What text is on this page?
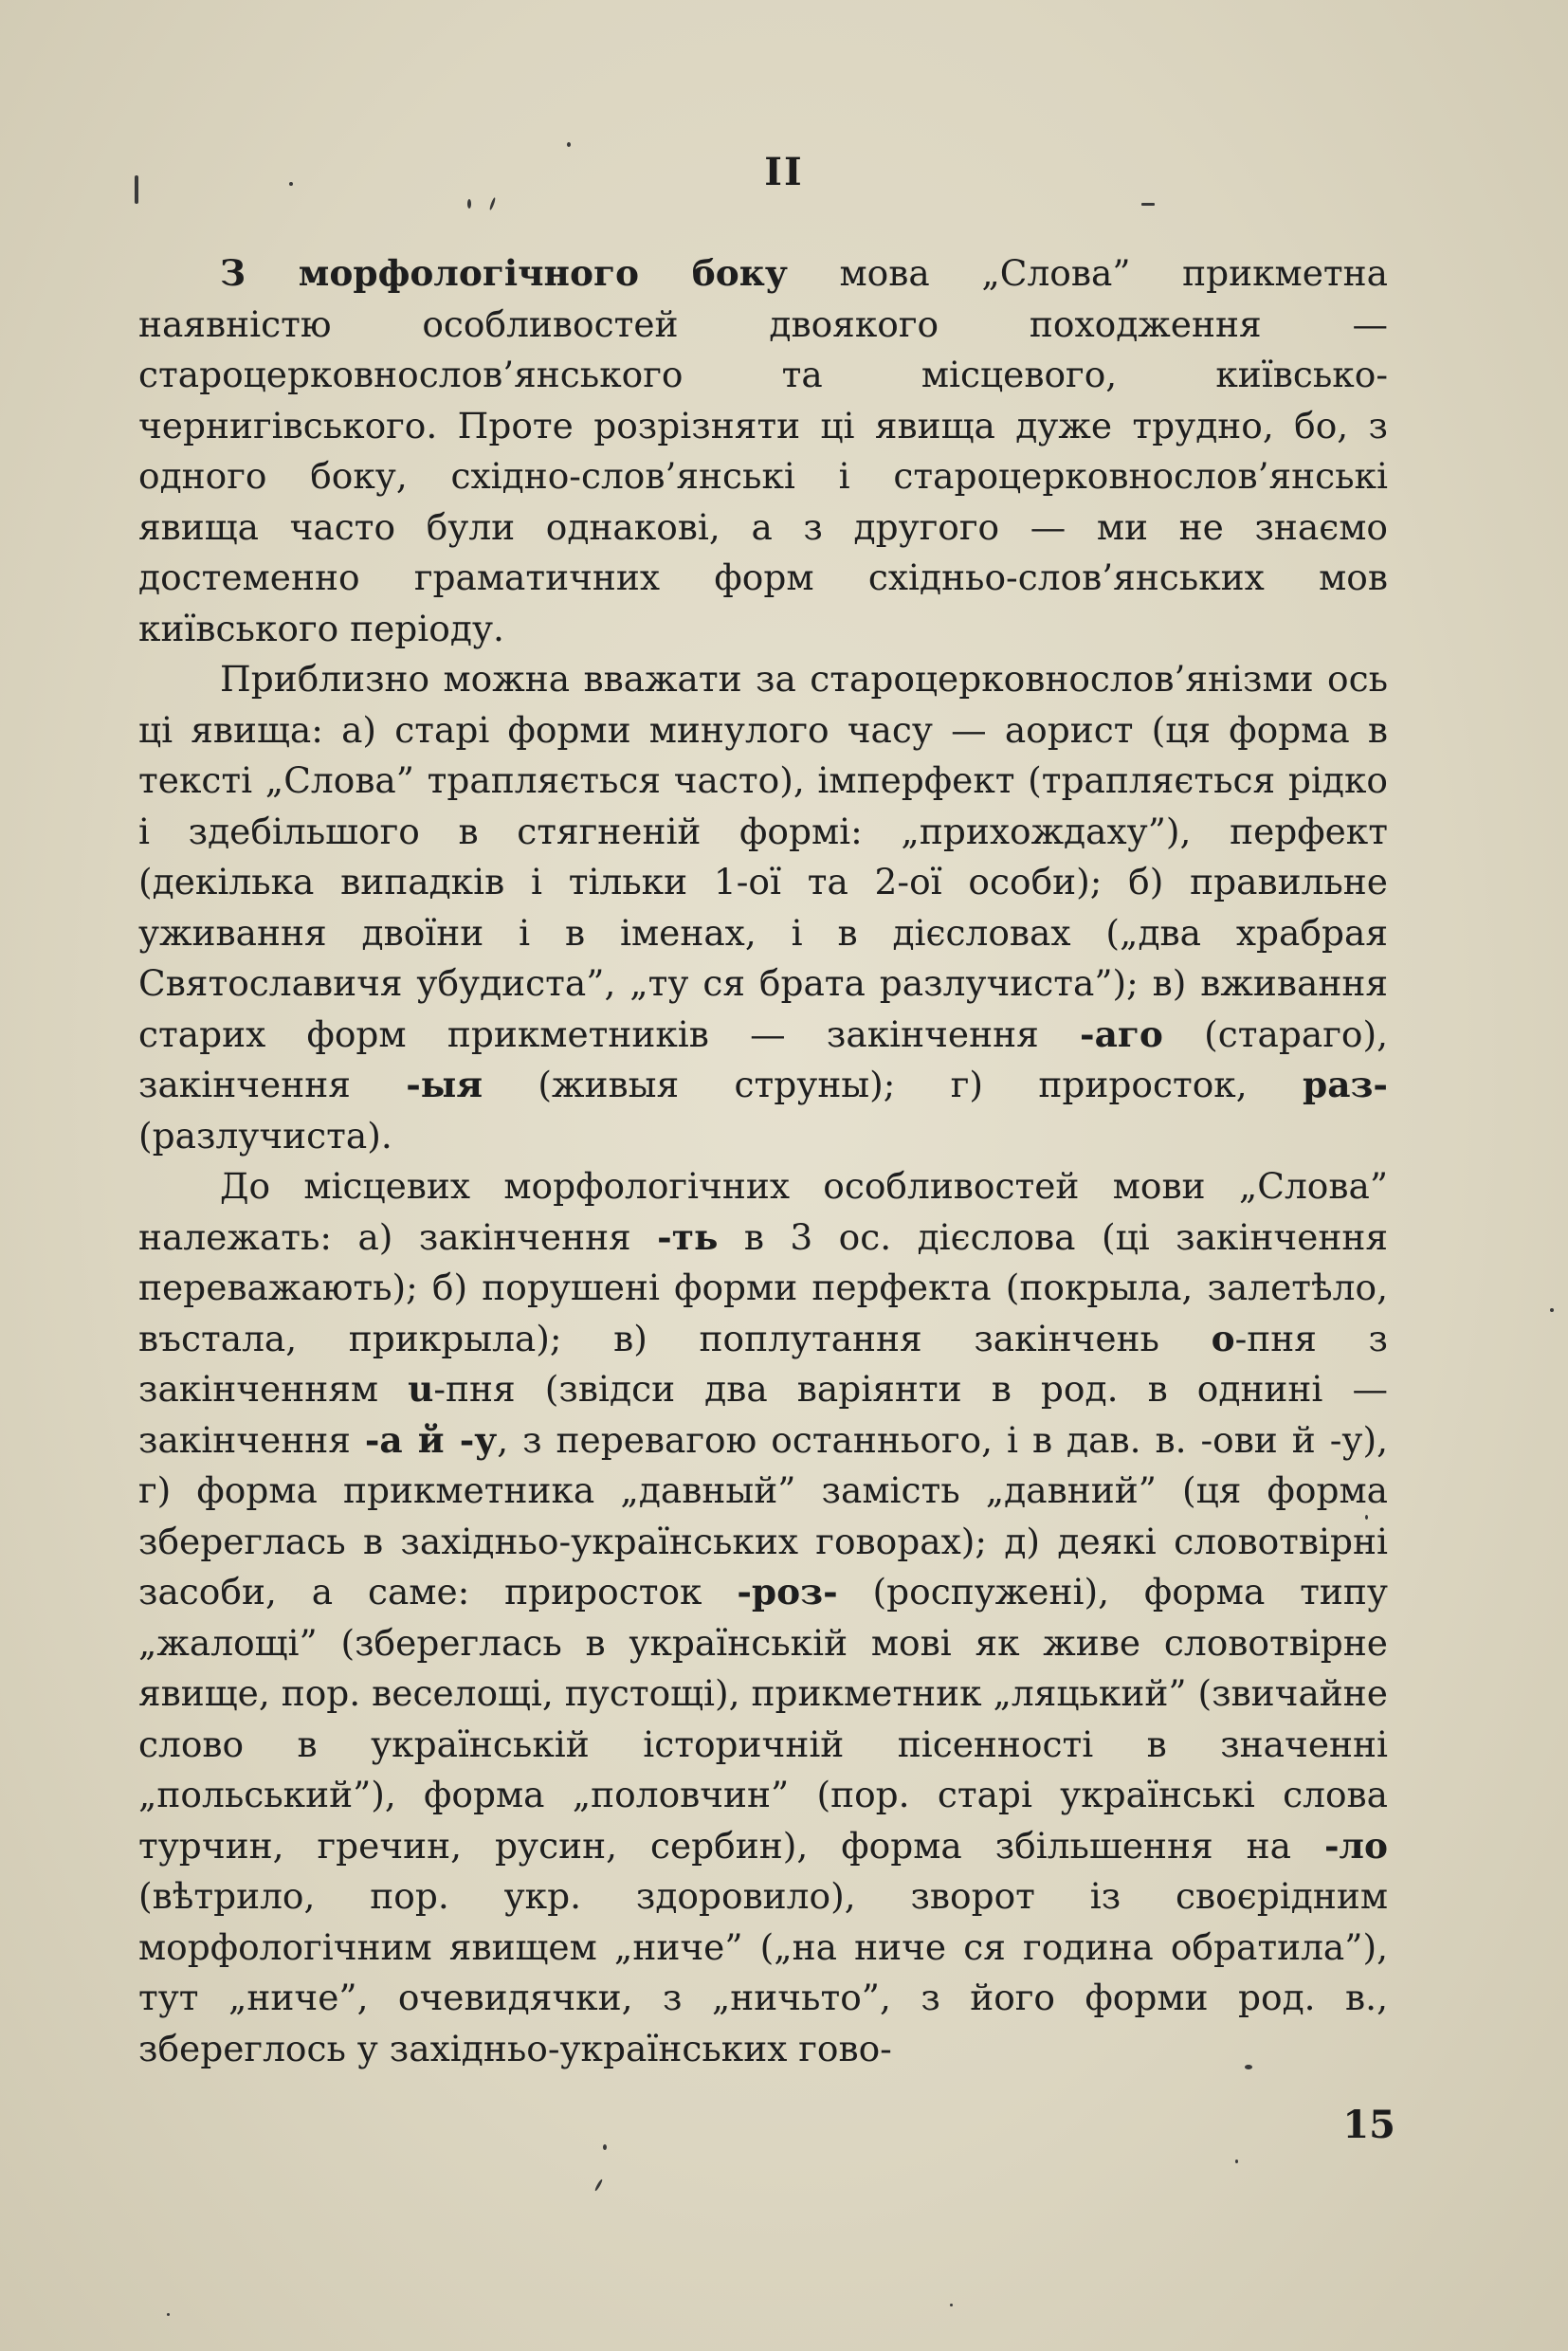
II

З морфологічного боку мова „Слова” прикметна наявністю особливостей двоякого походження — староцерковнослов’янського та місцевого, київсько-чернигівського. Проте розрізняти ці явища дуже трудно, бо, з одного боку, східно-слов’янські і староцерковнослов’янські явища часто були однакові, а з другого — ми не знаємо достеменно граматичних форм східньо-слов’янських мов київського періоду.

Приблизно можна вважати за староцерковнослов’янізми ось ці явища: а) старі форми минулого часу — аорист (ця форма в тексті „Слова” трапляється часто), імперфект (трапляється рідко і здебільшого в стягненій формі: „прихождаху”), перфект (декілька випадків і тільки 1-ої та 2-ої особи); б) правильне уживання двоїни і в іменах, і в дієсловах („два храбрая Святославичя убудиста”, „ту ся брата разлучиста”); в) вживання старих форм прикметників — закінчення -аго (стараго), закінчення -ыя (живыя струны); г) приросток, раз- (разлучиста).

До місцевих морфологічних особливостей мови „Слова” належать: а) закінчення -ть в 3 ос. дієслова (ці закінчення переважають); б) порушені форми перфекта (покрыла, залетѣло, въстала, прикрыла); в) поплутання закінчень о-пня з закінченням u-пня (звідси два варіянти в род. в однині — закінчення -а й -у, з перевагою останнього, і в дав. в. -ови й -у), г) форма прикметника „давный” замість „давний” (ця форма збереглась в західньо-українських говорах); д) деякі словотвірні засоби, а саме: приросток -роз- (роспужені), форма типу „жалощі” (збереглась в українській мові як живе словотвірне явище, пор. веселощі, пустощі), прикметник „ляцький” (звичайне слово в українській історичній пісенності в значенні „польський”), форма „половчин” (пор. старі українські слова турчин, гречин, русин, сербин), форма збільшення на -ло (вѣтрило, пор. укр. здоровило), зворот із своєрідним морфологічним явищем „ниче” („на ниче ся година обратила”), тут „ниче”, очевидячки, з „ничьто”, з його форми род. в., збереглось у західньо-українських гово-

15
